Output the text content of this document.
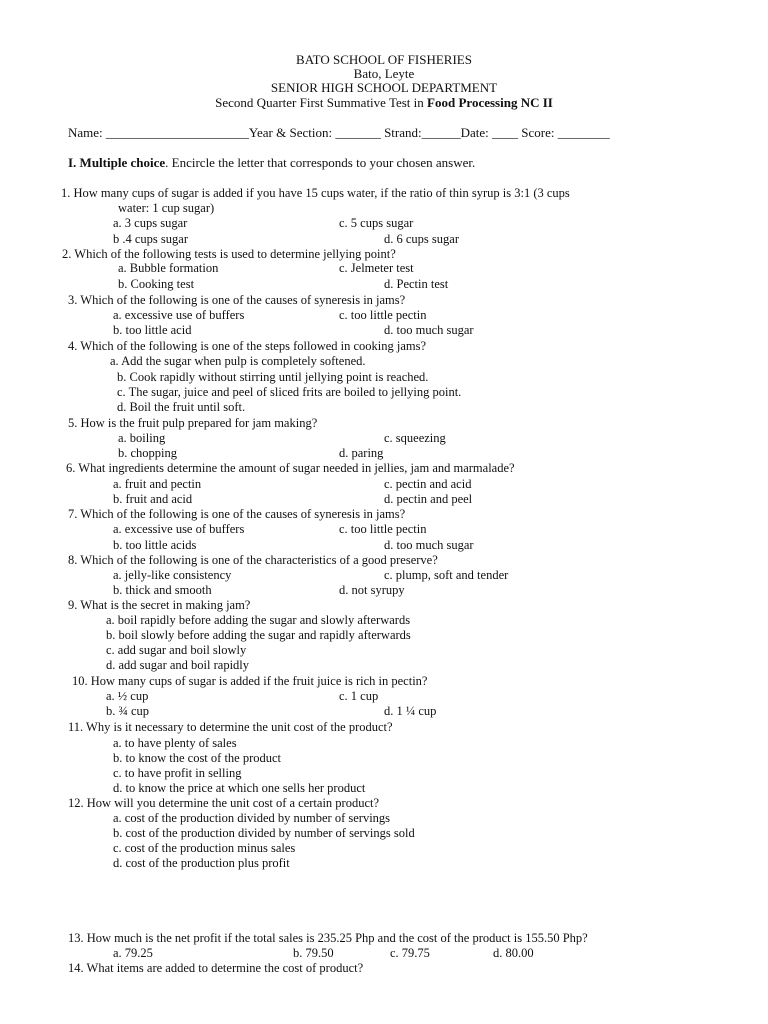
BATO SCHOOL OF FISHERIES
Bato, Leyte
SENIOR HIGH SCHOOL DEPARTMENT
Second Quarter First Summative Test in Food Processing NC II
Name: ______________________Year & Section: _______ Strand:______Date: ____ Score: ________
I. Multiple choice. Encircle the letter that corresponds to your chosen answer.
1. How many cups of sugar is added if you have 15 cups water, if the ratio of thin syrup is 3:1 (3 cups
water: 1 cup sugar)
a. 3 cups sugar	c. 5 cups sugar
b .4 cups sugar	d. 6 cups sugar
2. Which of the following tests is used to determine jellying point?
a. Bubble formation	c. Jelmeter test
b. Cooking test	d. Pectin test
3. Which of the following is one of the causes of syneresis in jams?
a. excessive use of buffers	c. too little pectin
b. too little acid	d. too much sugar
4. Which of the following is one of the steps followed in cooking jams?
a. Add the sugar when pulp is completely softened.
b. Cook rapidly without stirring until jellying point is reached.
c. The sugar, juice and peel of sliced frits are boiled to jellying point.
d. Boil the fruit until soft.
5. How is the fruit pulp prepared for jam making?
a. boiling	c. squeezing
b. chopping	d. paring
6. What ingredients determine the amount of sugar needed in jellies, jam and marmalade?
a. fruit and pectin	c. pectin and acid
b. fruit and acid	d. pectin and peel
7. Which of the following is one of the causes of syneresis in jams?
a. excessive use of buffers	c. too little pectin
b. too little acids	d. too much sugar
8. Which of the following is one of the characteristics of a good preserve?
a. jelly-like consistency	c. plump, soft and tender
b. thick and smooth	d. not syrupy
9. What is the secret in making jam?
a. boil rapidly before adding the sugar and slowly afterwards
b. boil slowly before adding the sugar and rapidly afterwards
c. add sugar and boil slowly
d. add sugar and boil rapidly
10. How many cups of sugar is added if the fruit juice is rich in pectin?
a. ½ cup	c. 1 cup
b. ¾ cup	d. 1 ¼ cup
11. Why is it necessary to determine the unit cost of the product?
a. to have plenty of sales
b. to know the cost of the product
c. to have profit in selling
d. to know the price at which one sells her product
12. How will you determine the unit cost of a certain product?
a. cost of the production divided by number of servings
b. cost of the production divided by number of servings sold
c. cost of the production minus sales
d. cost of the production plus profit
13. How much is the net profit if the total sales is 235.25 Php and the cost of the product is 155.50 Php?
a. 79.25	b. 79.50	c. 79.75	d. 80.00
14. What items are added to determine the cost of product?
